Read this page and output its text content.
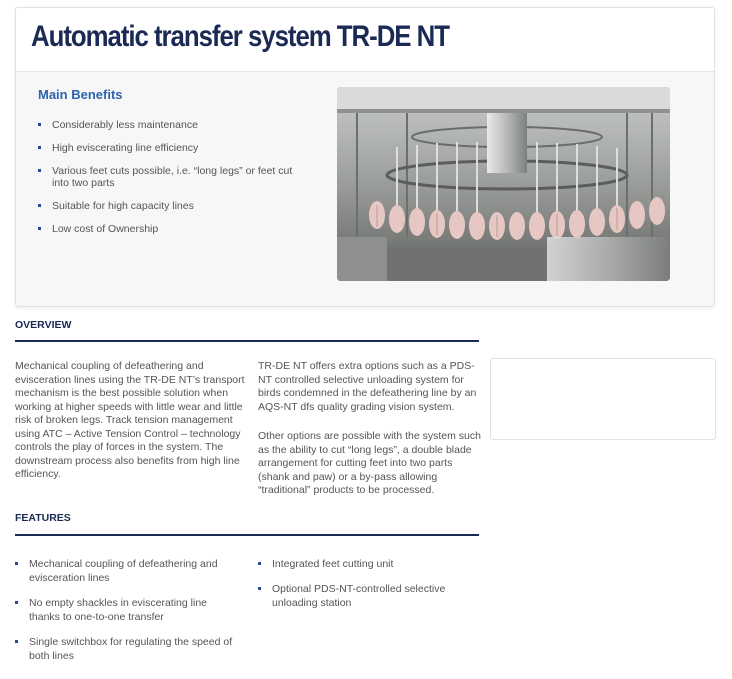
Automatic transfer system TR-DE NT
Main Benefits
Considerably less maintenance
High eviscerating line efficiency
Various feet cuts possible, i.e. “long legs” or feet cut into two parts
Suitable for high capacity lines
Low cost of Ownership
OVERVIEW

Mechanical coupling of defeathering and evisceration lines using the TR-DE NT’s transport mechanism is the best possible solution when working at higher speeds with little wear and little risk of broken legs. Track tension management using ATC – Active Tension Control – technology controls the play of forces in the system. The downstream process also benefits from high line efficiency.

TR-DE NT offers extra options such as a PDS-NT controlled selective unloading system for birds condemned in the defeathering line by an AQS-NT dfs quality grading vision system.

Other options are possible with the system such as the ability to cut “long legs”, a double blade arrangement for cutting feet into two parts (shank and paw) or a by-pass allowing “traditional” products to be processed.

FEATURES
Mechanical coupling of defeathering and evisceration lines
No empty shackles in eviscerating line thanks to one-to-one transfer
Single switchbox for regulating the speed of both lines
Integrated feet cutting unit
Optional PDS-NT-controlled selective unloading station
